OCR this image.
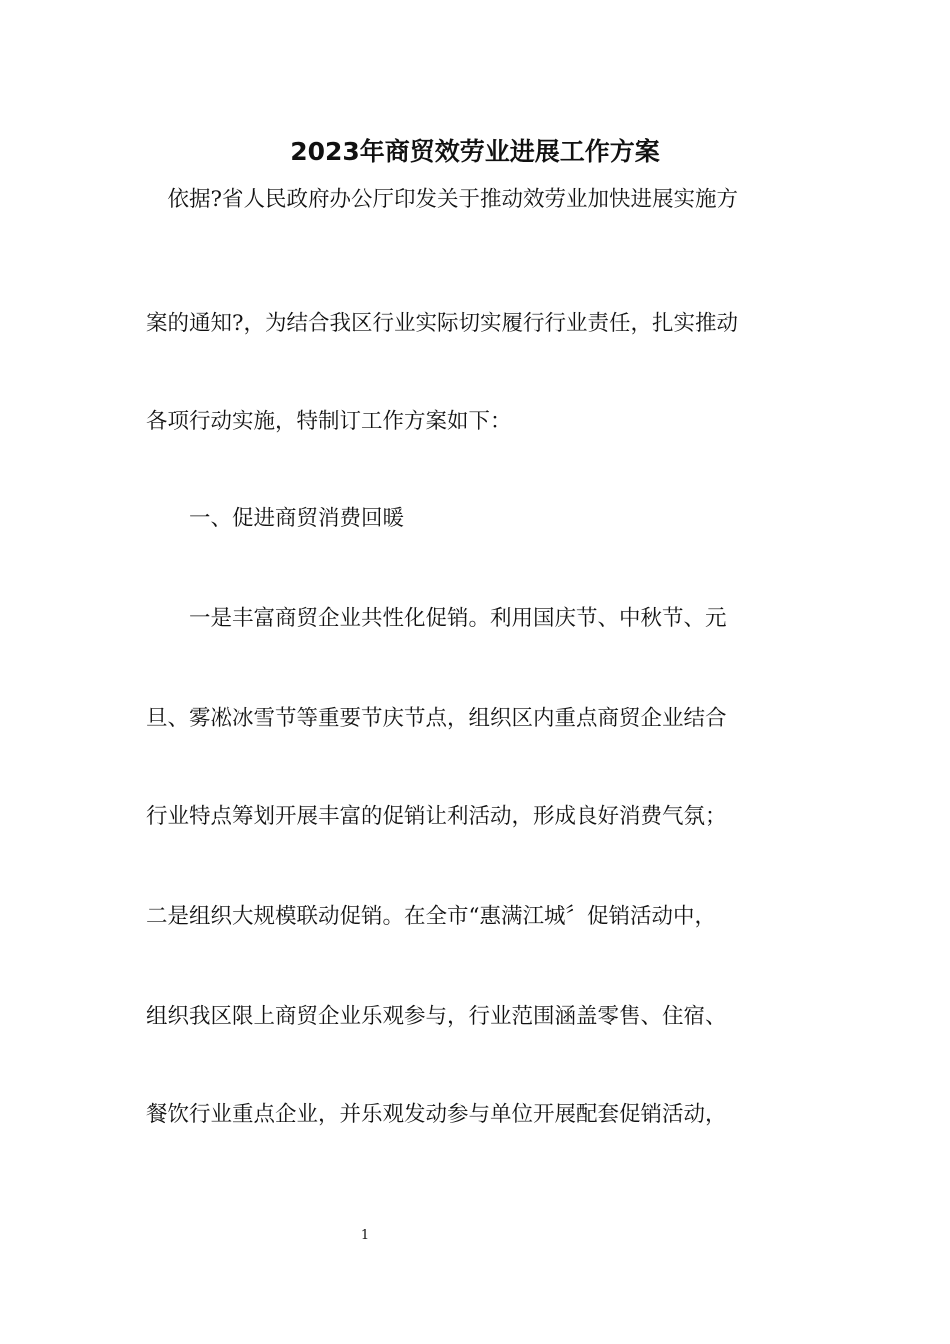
2023年商贸效劳业进展工作方案

　依据?省人民政府办公厅印发关于推动效劳业加快进展实施方

案的通知?，为结合我区行业实际切实履行行业责任，扎实推动

各项行动实施，特制订工作方案如下：

　　一、促进商贸消费回暖

　　一是丰富商贸企业共性化促销。利用国庆节、中秋节、元

旦、雾凇冰雪节等重要节庆节点，组织区内重点商贸企业结合

行业特点筹划开展丰富的促销让利活动，形成良好消费气氛；

二是组织大规模联动促销。在全市“惠满江城〞促销活动中，

组织我区限上商贸企业乐观参与，行业范围涵盖零售、住宿、

餐饮行业重点企业，并乐观发动参与单位开展配套促销活动，

1
